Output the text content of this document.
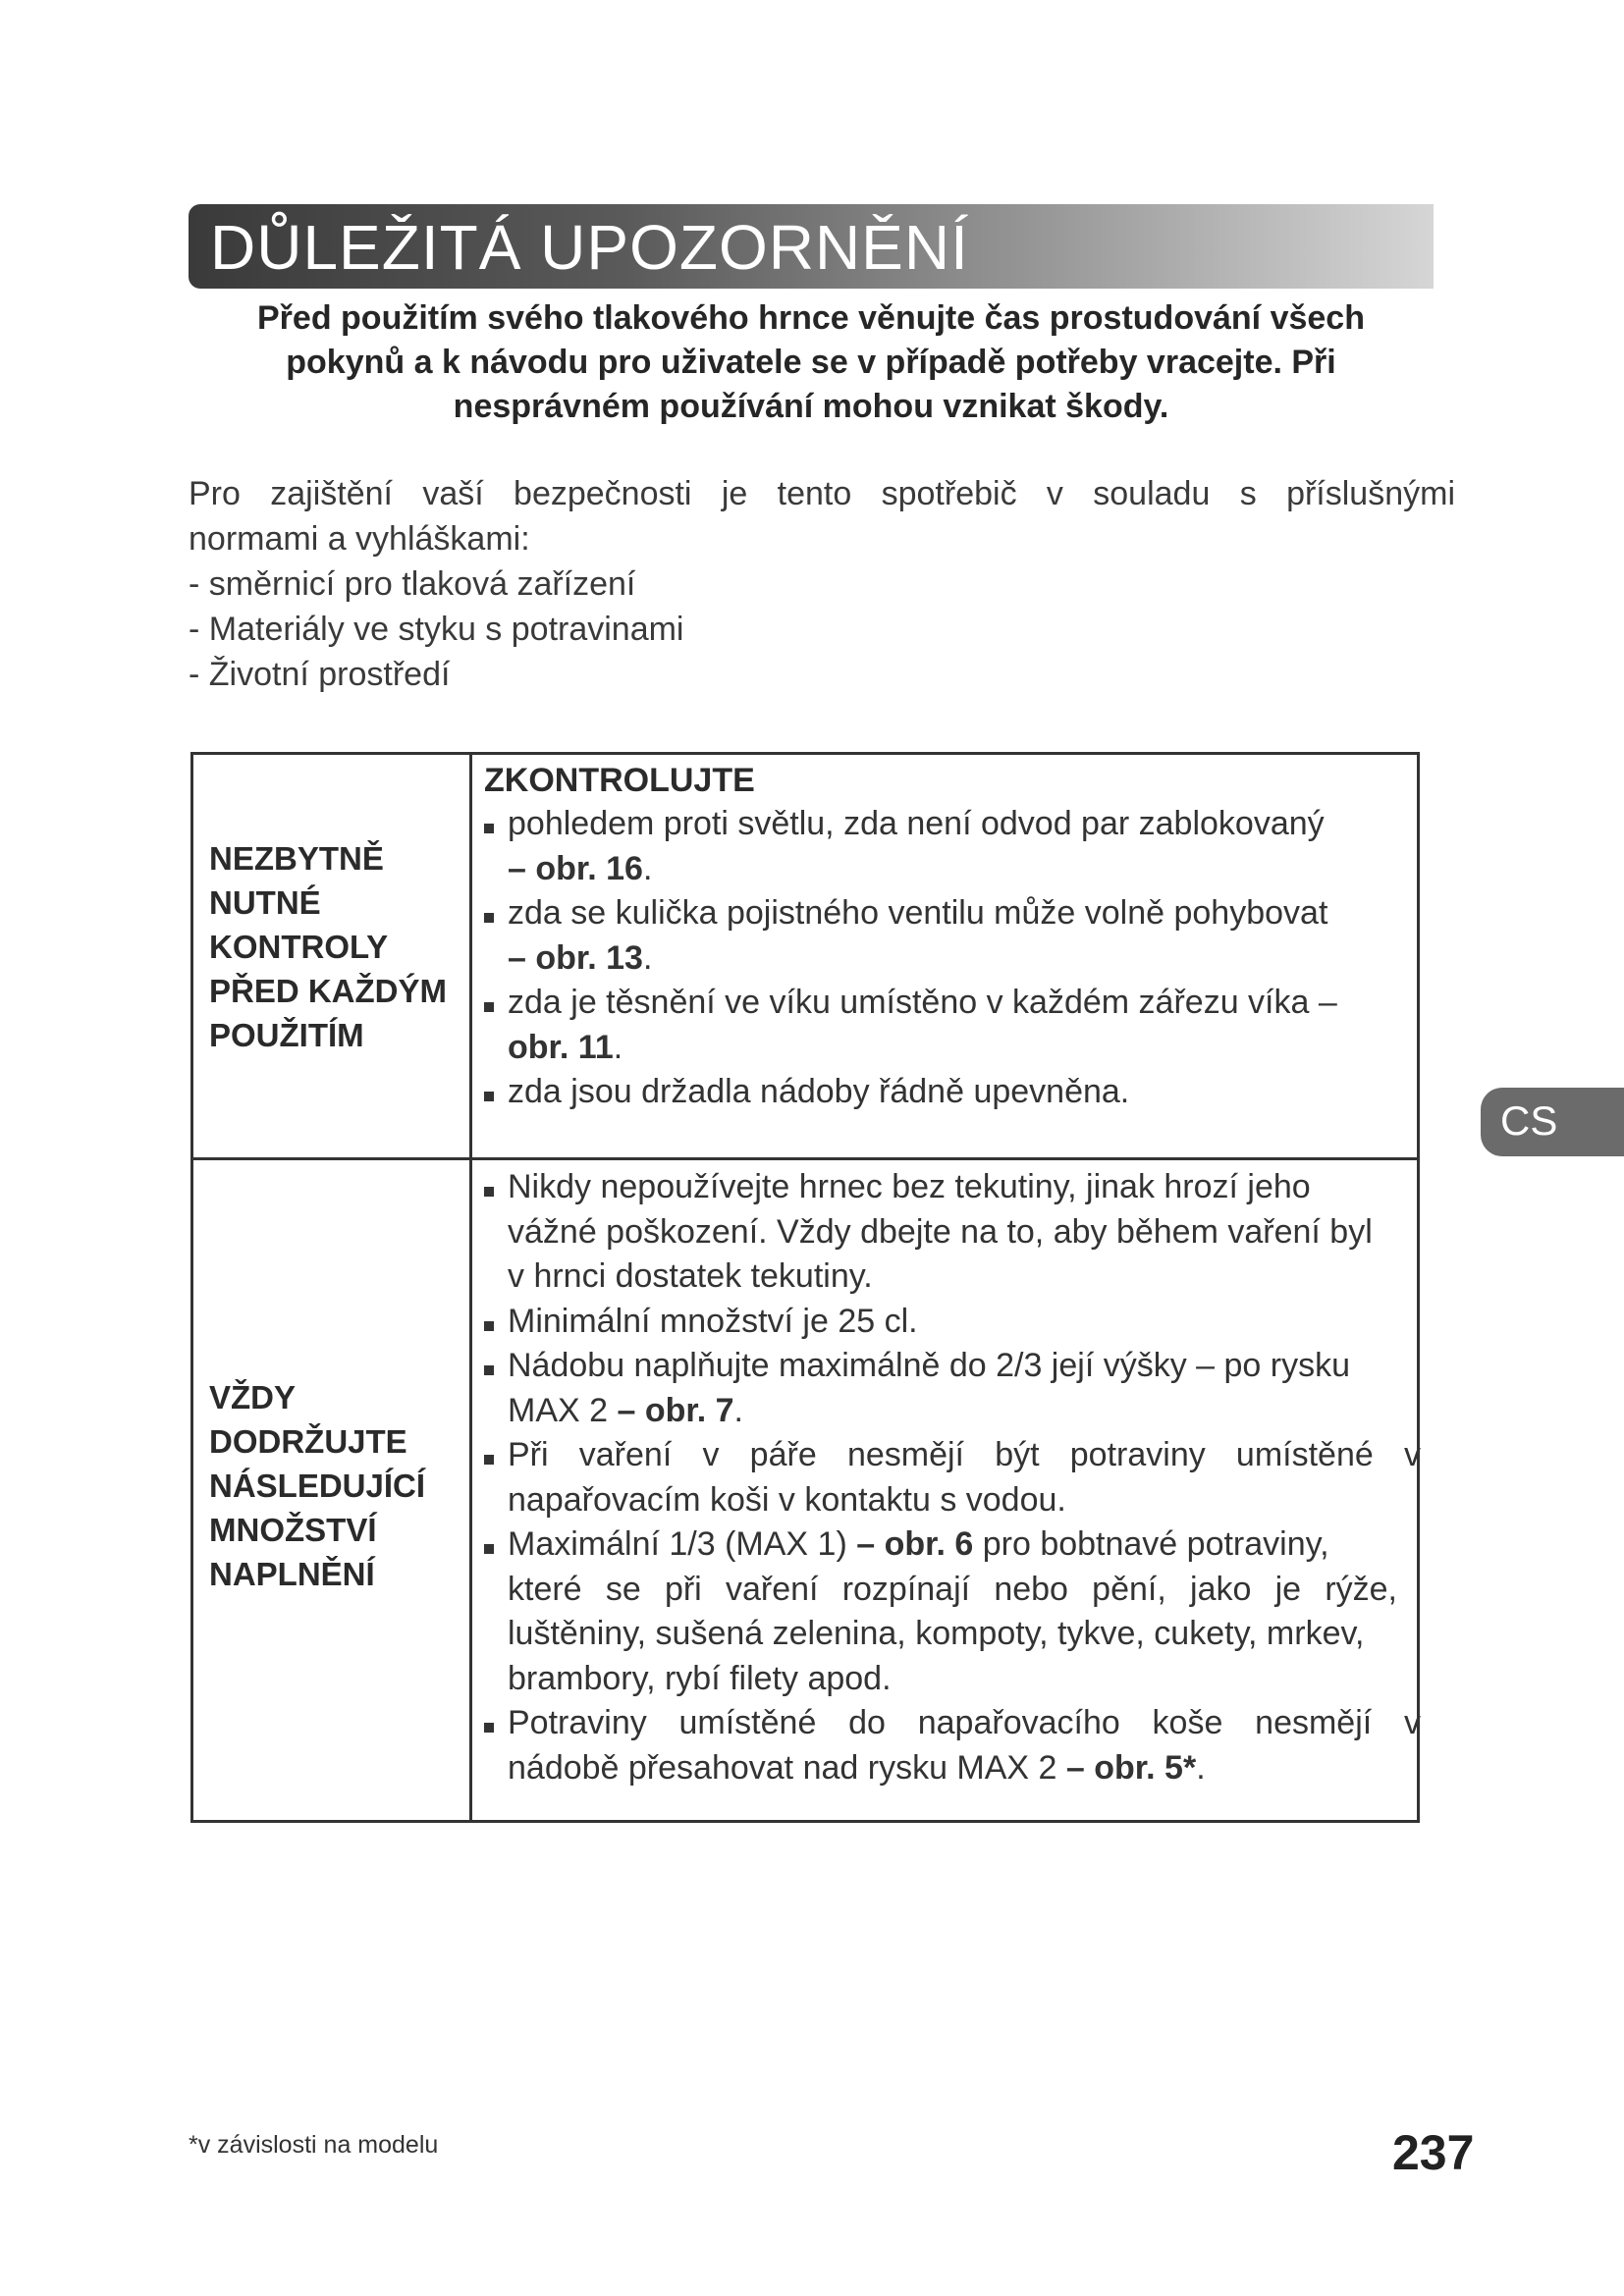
DŮLEŽITÁ UPOZORNĚNÍ
Před použitím svého tlakového hrnce věnujte čas prostudování všech
pokynů a k návodu pro uživatele se v případě potřeby vracejte. Při
nesprávném používání mohou vznikat škody.
Pro zajištění vaší bezpečnosti je tento spotřebič v souladu s příslušnými
normami a vyhláškami:
- směrnicí pro tlaková zařízení
- Materiály ve styku s potravinami
- Životní prostředí
NEZBYTNĚ
NUTNÉ
KONTROLY
PŘED KAŽDÝM
POUŽITÍM
ZKONTROLUJTE
pohledem proti světlu, zda není odvod par zablokovaný
– obr. 16.
zda se kulička pojistného ventilu může volně pohybovat
– obr. 13.
zda je těsnění ve víku umístěno v každém zářezu víka –
obr. 11.
zda jsou držadla nádoby řádně upevněna.
VŽDY
DODRŽUJTE
NÁSLEDUJÍCÍ
MNOŽSTVÍ
NAPLNĚNÍ
Nikdy nepoužívejte hrnec bez tekutiny, jinak hrozí jeho
vážné poškození. Vždy dbejte na to, aby během vaření byl
v hrnci dostatek tekutiny.
Minimální množství je 25 cl.
Nádobu naplňujte maximálně do 2/3 její výšky – po rysku
MAX 2 – obr. 7.
Při vaření v páře nesmějí být potraviny umístěné v
napařovacím koši v kontaktu s vodou.
Maximální 1/3 (MAX 1) – obr. 6 pro bobtnavé potraviny,
které se při vaření rozpínají nebo pění, jako je rýže,
luštěniny, sušená zelenina, kompoty, tykve, cukety, mrkev,
brambory, rybí filety apod.
Potraviny umístěné do napařovacího koše nesmějí v
nádobě přesahovat nad rysku MAX 2 – obr. 5*.
CS
*v závislosti na modelu	237
